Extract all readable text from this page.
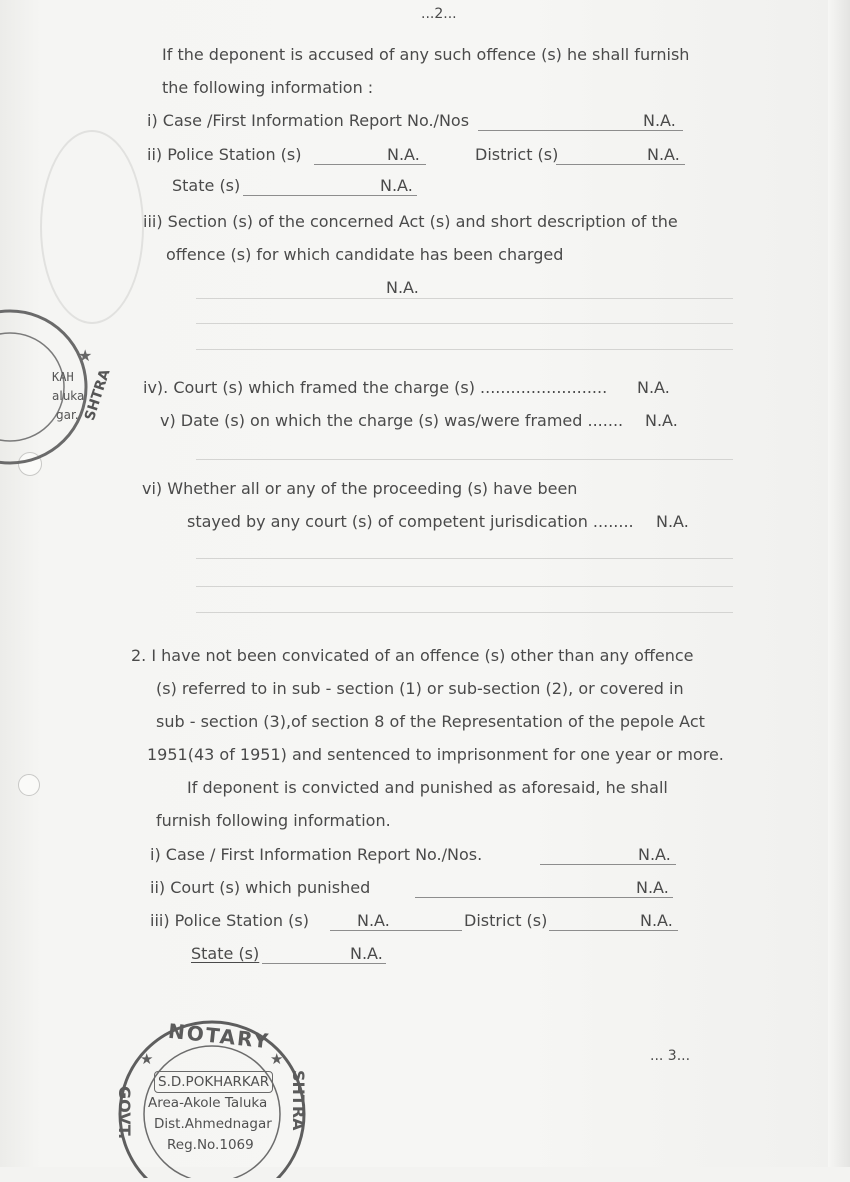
...2...
If the deponent is accused of any such offence (s) he shall furnish
the following information :
i) Case /First Information Report No./Nos	N.A.
ii) Police Station (s)	N.A.	District (s)	N.A.
State (s)	N.A.
iii) Section (s) of the concerned Act (s) and short description of the
offence (s) for which candidate has been charged
N.A.
iv). Court (s) which framed the charge (s) ......................... N.A.
v) Date (s) on which the charge (s) was/were framed ....... N.A.
vi) Whether all or any of the proceeding (s) have been
stayed by any court (s) of competent jurisdication ........ N.A.
2. I have not been convicated of an offence (s) other than any offence
(s) referred to in sub - section (1) or sub-section (2), or covered in
sub - section (3),of section 8 of the Representation of the pepole Act
1951(43 of 1951) and sentenced to imprisonment for one year or more.
If deponent is convicted and punished as aforesaid, he shall
furnish following information.
i) Case / First Information Report No./Nos.	N.A.
ii) Court (s) which punished	N.A.
iii) Police Station (s)	N.A.	District (s)	N.A.
State (s)	N.A.
... 3...
★
KAH
aluka
gar. SHTRA
★	★
NOTARY
S.D.POKHARKAR
Area-Akole Taluka
Dist.Ahmednagar
Reg.No.1069
GOVT.	SHTRA
